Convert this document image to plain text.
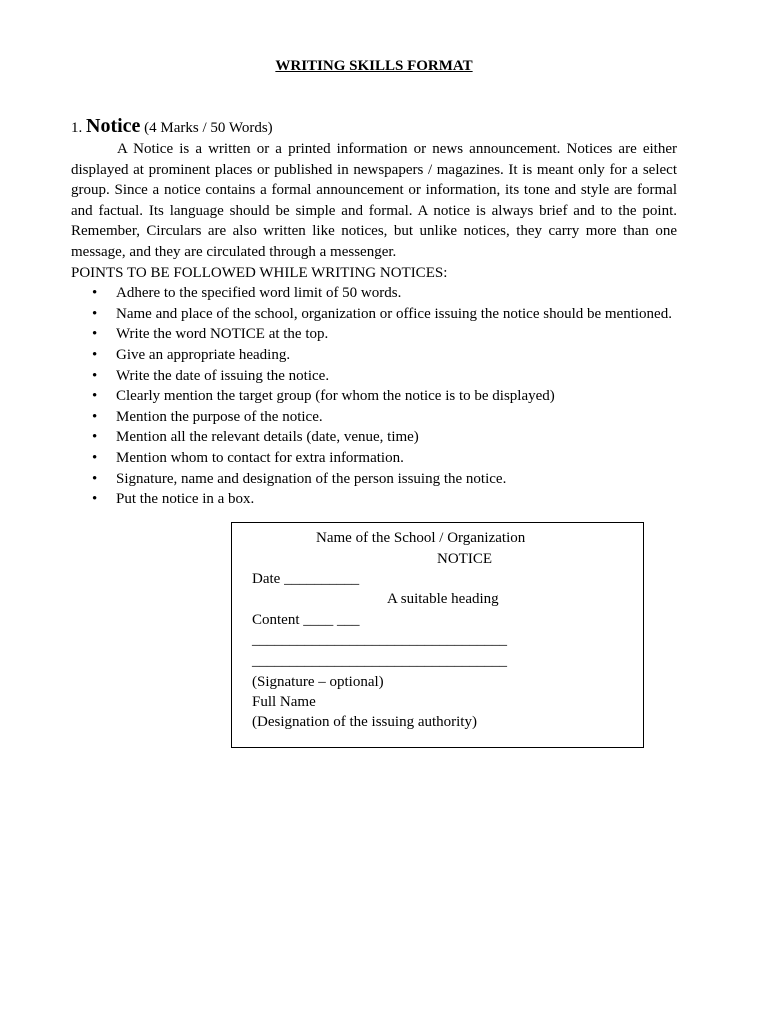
WRITING SKILLS FORMAT

1. Notice (4 Marks / 50 Words)

A Notice is a written or a printed information or news announcement. Notices are either displayed at prominent places or published in newspapers / magazines. It is meant only for a select group. Since a notice contains a formal announcement or information, its tone and style are formal and factual. Its language should be simple and formal. A notice is always brief and to the point. Remember, Circulars are also written like notices, but unlike notices, they carry more than one message, and they are circulated through a messenger.

POINTS TO BE FOLLOWED WHILE WRITING NOTICES:

• Adhere to the specified word limit of 50 words.
• Name and place of the school, organization or office issuing the notice should be mentioned.
• Write the word NOTICE at the top.
• Give an appropriate heading.
• Write the date of issuing the notice.
• Clearly mention the target group (for whom the notice is to be displayed)
• Mention the purpose of the notice.
• Mention all the relevant details (date, venue, time)
• Mention whom to contact for extra information.
• Signature, name and designation of the person issuing the notice.
• Put the notice in a box.
Name of the School / Organization
NOTICE
Date __________
A suitable heading
Content ____ ___
__________________________________
__________________________________
(Signature – optional)
Full Name
(Designation of the issuing authority)
